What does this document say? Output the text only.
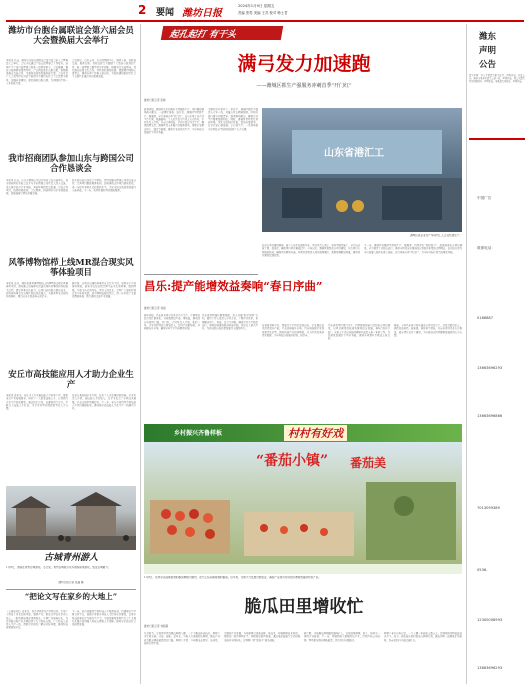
2 要闻 潍坊日报
2024年1月9日 星期五
责编 张男 美编 王苏 校对 韩士君
潍坊市台胞台属联谊会第六届会员大会暨换届大会举行
本报讯 日前，潍坊市台胞台属联谊会第六届会员大会暨换届大会举行。会议审议通过了第五届理事会工作报告，选举产生了第六届理事会和新一届领导班子。会议强调，要充分发挥桥梁纽带作用，广泛团结联系台胞台属，积极推进潍台交流合作，为潍坊高质量发展贡献力量。会议号召广大会员坚持以习近平新时代中国特色社会主义思想为指导，加强自身建设，更好服务台胞台属，为祖国和平统一大业贡献力量。
会议指出，过去五年，市台联围绕中心、服务大局，在联谊交流、服务台胞、参政议政等方面做了大量卓有成效的工作。新一届理事会要坚持守正创新，拓展对台交流领域，深化潍台经贸文化合作，持续讲好潍坊故事，凝聚两岸同胞心灵契合，推动各项工作再上新台阶，为加快建设新时代社会主义现代化强市作出积极贡献。
我市招商团队参加山东与跨国公司合作恳谈会
本报讯 日前，山东与跨国公司合作恳谈会在济南举行，我市招商团队参加会议并与多家跨国公司负责人深入交流，重点推介我市产业基础、营商环境和投资机遇，洽谈合作项目，取得积极成效。会议期间，招商团队与企业就新能源、高端装备等领域开展对接。
我市将以此次恳谈会为契机，持续加强与跨国公司的交流合作，完善项目跟踪服务机制，加快推动合作项目落地见效，进一步提升利用外资质量和水平，为全市经济高质量发展注入新动能。下一步，将持续做好项目跟踪服务。
风筝博物馆栉上线MR混合现实风筝体验项目
本报讯 近日，潍坊世界风筝博物馆上线MR混合现实风筝体验项目，游客戴上设备即可沉浸式体验风筝的制作和放飞过程，感受风筝文化魅力。该项目运用混合现实技术，将传统风筝文化与现代科技深度融合，为游客带来全新的参观体验，吸引众多市民游客前来打卡。
据介绍，该项目以潍坊风筝历史文化为主线，设置多个互动体验场景，游客可以在虚拟空间中亲手扎制风筝、绘制图案，并放飞自己的作品。项目上线以来，受到广大游客特别是青少年的欢迎，成为博物馆新的亮点，进一步丰富了文旅消费新场景，助力潍坊文旅产业发展。
安丘市高技能应用人才助力企业生产
本报讯 近年来，安丘市大力实施技能人才培养工程，聚焦重点产业发展需求，培养了一大批高技能人才，有效助力企业生产提质增效。通过校企合作、以赛促训等方式，不断壮大技能人才队伍，为企业转型升级提供坚实人才支撑。
在安丘某机械企业车间，技术工人正在调试新设备。企业负责人介绍，高技能人才的加入，让企业攻克了多项技术难题，产品合格率显著提升。下一步，安丘市将持续完善技能人才评价激励机制，推动更多高技能人才在生产一线建功立业。
古城青州游人
1月8日，游客在青州古城游览。冬日里，青州古城吸引众多游客前来游玩，感受古城魅力。
潍坊日报记者 张磊 摄
“把论文写在家乡的大地上”
（上接第1版）近年来，我市持续深化产学研合作，引导广大科技工作者扎根基层、服务产业，把论文写在家乡的大地上。一批科研成果在田间地头、车间厂房落地转化，为乡村振兴和产业升级提供了有力科技支撑。广大科技人员深入生产一线，帮助企业和农户解决实际问题，推动科技成果就地转化。
下一步，我市将继续完善科技人才服务机制，搭建更多产学研合作平台，鼓励引导更多科技人才投身家乡建设，让更多科技成果转化为现实生产力，为加快建设新时代社会主义现代化强市提供强大科技支撑和人才保障，推动全市经济社会高质量发展。
起孔起打 有干头
满弓发力加速跑
——潍城区抓生产强服务冲刺首季“开门红”
潍坊日报记者 张晓
新春伊始，潍城区各企业铆足干劲抢抓生产，项目建设现场热火朝天，一派繁忙景象。连日来，潍城区坚持抓生产、强服务，全力冲刺首季“开门红”。在山东某工业企业生产车间，机器轰鸣，工人们正在生产线上有序作业。企业负责人介绍，目前订单饱满，企业正加足马力生产，确保按期交货。潍城区深入开展企业服务活动，帮助企业解决用工、融资等难题，推动企业满负荷生产，为全年经济发展打下坚实基础。
为推动企业早开工、早达产，潍城区组织干部深入企业一线，开展点对点精准服务。区相关部门建立问题清单，逐项推动解决，确保企业生产要素保障到位。同时，潍城区持续优化营商环境，深化审批制度改革，提高办事效率，让企业安心谋发展、专心抓生产。一系列举措为全区经济平稳开局提供了有力支撑。
山东省港汇工
潍城区某企业生产车间内工人正在忙碌生产。
在重点项目建设现场，施工人员正在紧张作业。项目负责人表示，将科学组织施工，全力以赴抢工期、抓进度，确保项目早日建成投产。今年以来，潍城区聚焦重点项目建设，实行项目专班推进机制，确保项目顺利实施。区领导定期深入项目现场调度，帮助协调解决困难，推动项目建设提速提效。
下一步，潍城区将继续坚持抓生产、强服务，持续深化“双招双引”，加快推进重点项目建设，全力稳定工业经济运行，推动全区经济实现质的有效提升和量的合理增长，以实际行动为全市发展大局作出更大贡献，奋力冲刺首季“开门红”，为全年目标任务完成奠定基础。
昌乐:提产能增效益奏响“春日序曲”
潍坊日报记者 刘丽
新年伊始，昌乐县各类企业开足马力生产，车间里处处可见忙碌身影。全县聚焦提产能、增效益，推动经济实现开门稳、开门好。企业负责人介绍，新的一年，企业将持续加大研发投入，提升产品附加值，开拓国内外市场，确保全年生产目标顺利实现。
昌乐县持续强化要素保障，深入开展“助企纾困”行动，组织工作人员深入企业走访，了解企业诉求，协调解决用工、用地、资金等问题，确保企业生产稳定运行。同时加快推动新旧动能转换，培育壮大新兴产业，为县域经济高质量发展注入强劲动力。
在某新材料企业，智能化生产线正高效运转。企业通过技术改造提升产能，产品远销海外市场。昌乐县鼓励企业加快数字化转型，推动传统产业提质增效，全力打造先进制造业集群，为全年经济发展开好局、起好步。
昌乐县将坚持项目为王，持续推进招商引资和重点项目建设，以项目建设的新成效推动经济发展，奏响“春日序曲”。全县上下正以昂扬的精神状态投入新一年的工作，为高质量发展打下坚实基础，推动各项事业不断迈上新台阶。
据悉，今年昌乐县计划实施重点项目百余个，总投资数百亿元，涵盖先进制造、新能源、新材料等领域。目前各项目正在有序推进，部分项目已开工建设，为全县经济持续健康发展提供有力支撑。
乡村振兴齐鲁样板	村村有好戏
“番茄小镇” 番茄美
1月8日，在寒亭区固堤街道的番茄种植大棚内，农户正在采摘成熟的番茄。近年来，当地大力发展设施农业，番茄产业成为带动农民增收致富的特色产业。
脆瓜田里增收忙
潍坊日报记者 刘娟娟
冬日时节，走进寒亭区的脆瓜种植大棚，一个个脆瓜挂满枝头，种植户正忙着采摘、分拣、装箱。近年来，当地大力发展特色种植，脆瓜产业成为群众增收致富的好门路。种植户介绍，今年脆瓜长势好、品质优，销售行情不错。
为推动产业发展，当地积极引进新品种、新技术，开展种植技术培训，帮助农户提升种植水平。同时拓宽销售渠道，通过电商直播等方式将脆瓜销往全国各地，让种植户的“钱袋子”越来越鼓。
据了解，当地脆瓜种植面积逐年扩大，已形成集种植、加工、销售于一体的产业链条。下一步，将继续做大做强特色产业，打造区域公用品牌，带动更多群众增收致富，助力乡村全面振兴。
种植户老李告诉记者，一个大棚一年能收入数万元，比种传统作物收益高出不少。如今，越来越多的村民加入种植行列，脆瓜田里一派增收忙的景象，乡亲们的日子越过越红火。
潍东
声明
公告
遗失声明：本人不慎遗失相关证件，声明作废。特此公告。潍坊市某单位遗失公章一枚，声明作废。某公司遗失营业执照副本，声明作废。某某遗失身份证，声明作废。
中国广告
联系电话：
0186887
13663696293
13663696866
7013099389
0536-
12300008993
13663696293
